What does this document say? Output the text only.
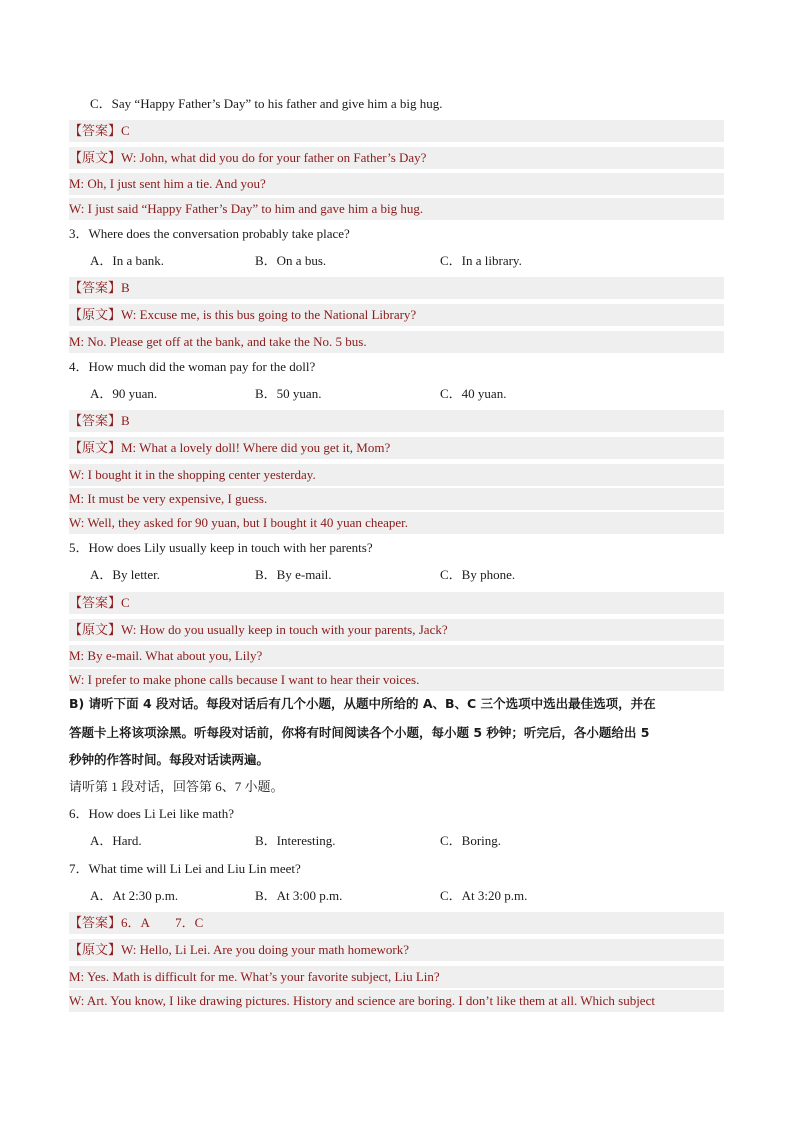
C．Say “Happy Father’s Day” to his father and give him a big hug.
【答案】C
【原文】W: John, what did you do for your father on Father’s Day?
M: Oh, I just sent him a tie. And you?
W: I just said “Happy Father’s Day” to him and gave him a big hug.
3．Where does the conversation probably take place?
A．In a bank.	B．On a bus.	C．In a library.
【答案】B
【原文】W: Excuse me, is this bus going to the National Library?
M: No. Please get off at the bank, and take the No. 5 bus.
4．How much did the woman pay for the doll?
A．90 yuan.	B．50 yuan.	C．40 yuan.
【答案】B
【原文】M: What a lovely doll! Where did you get it, Mom?
W: I bought it in the shopping center yesterday.
M: It must be very expensive, I guess.
W: Well, they asked for 90 yuan, but I bought it 40 yuan cheaper.
5．How does Lily usually keep in touch with her parents?
A．By letter.	B．By e-mail.	C．By phone.
【答案】C
【原文】W: How do you usually keep in touch with your parents, Jack?
M: By e-mail. What about you, Lily?
W: I prefer to make phone calls because I want to hear their voices.
B) 请听下面 4 段对话。每段对话后有几个小题，从题中所给的 A、B、C 三个选项中选出最佳选项，并在
答题卡上将该项涂黑。听每段对话前，你将有时间阅读各个小题，每小题 5 秒钟；听完后，各小题给出 5
秒钟的作答时间。每段对话读两遍。
请听第 1 段对话，回答第 6、7 小题。
6．How does Li Lei like math?
A．Hard.	B．Interesting.	C．Boring.
7．What time will Li Lei and Liu Lin meet?
A．At 2:30 p.m.	B．At 3:00 p.m.	C．At 3:20 p.m.
【答案】6．A　　7．C
【原文】W: Hello, Li Lei. Are you doing your math homework?
M: Yes. Math is difficult for me. What’s your favorite subject, Liu Lin?
W: Art. You know, I like drawing pictures. History and science are boring. I don’t like them at all. Which subject
